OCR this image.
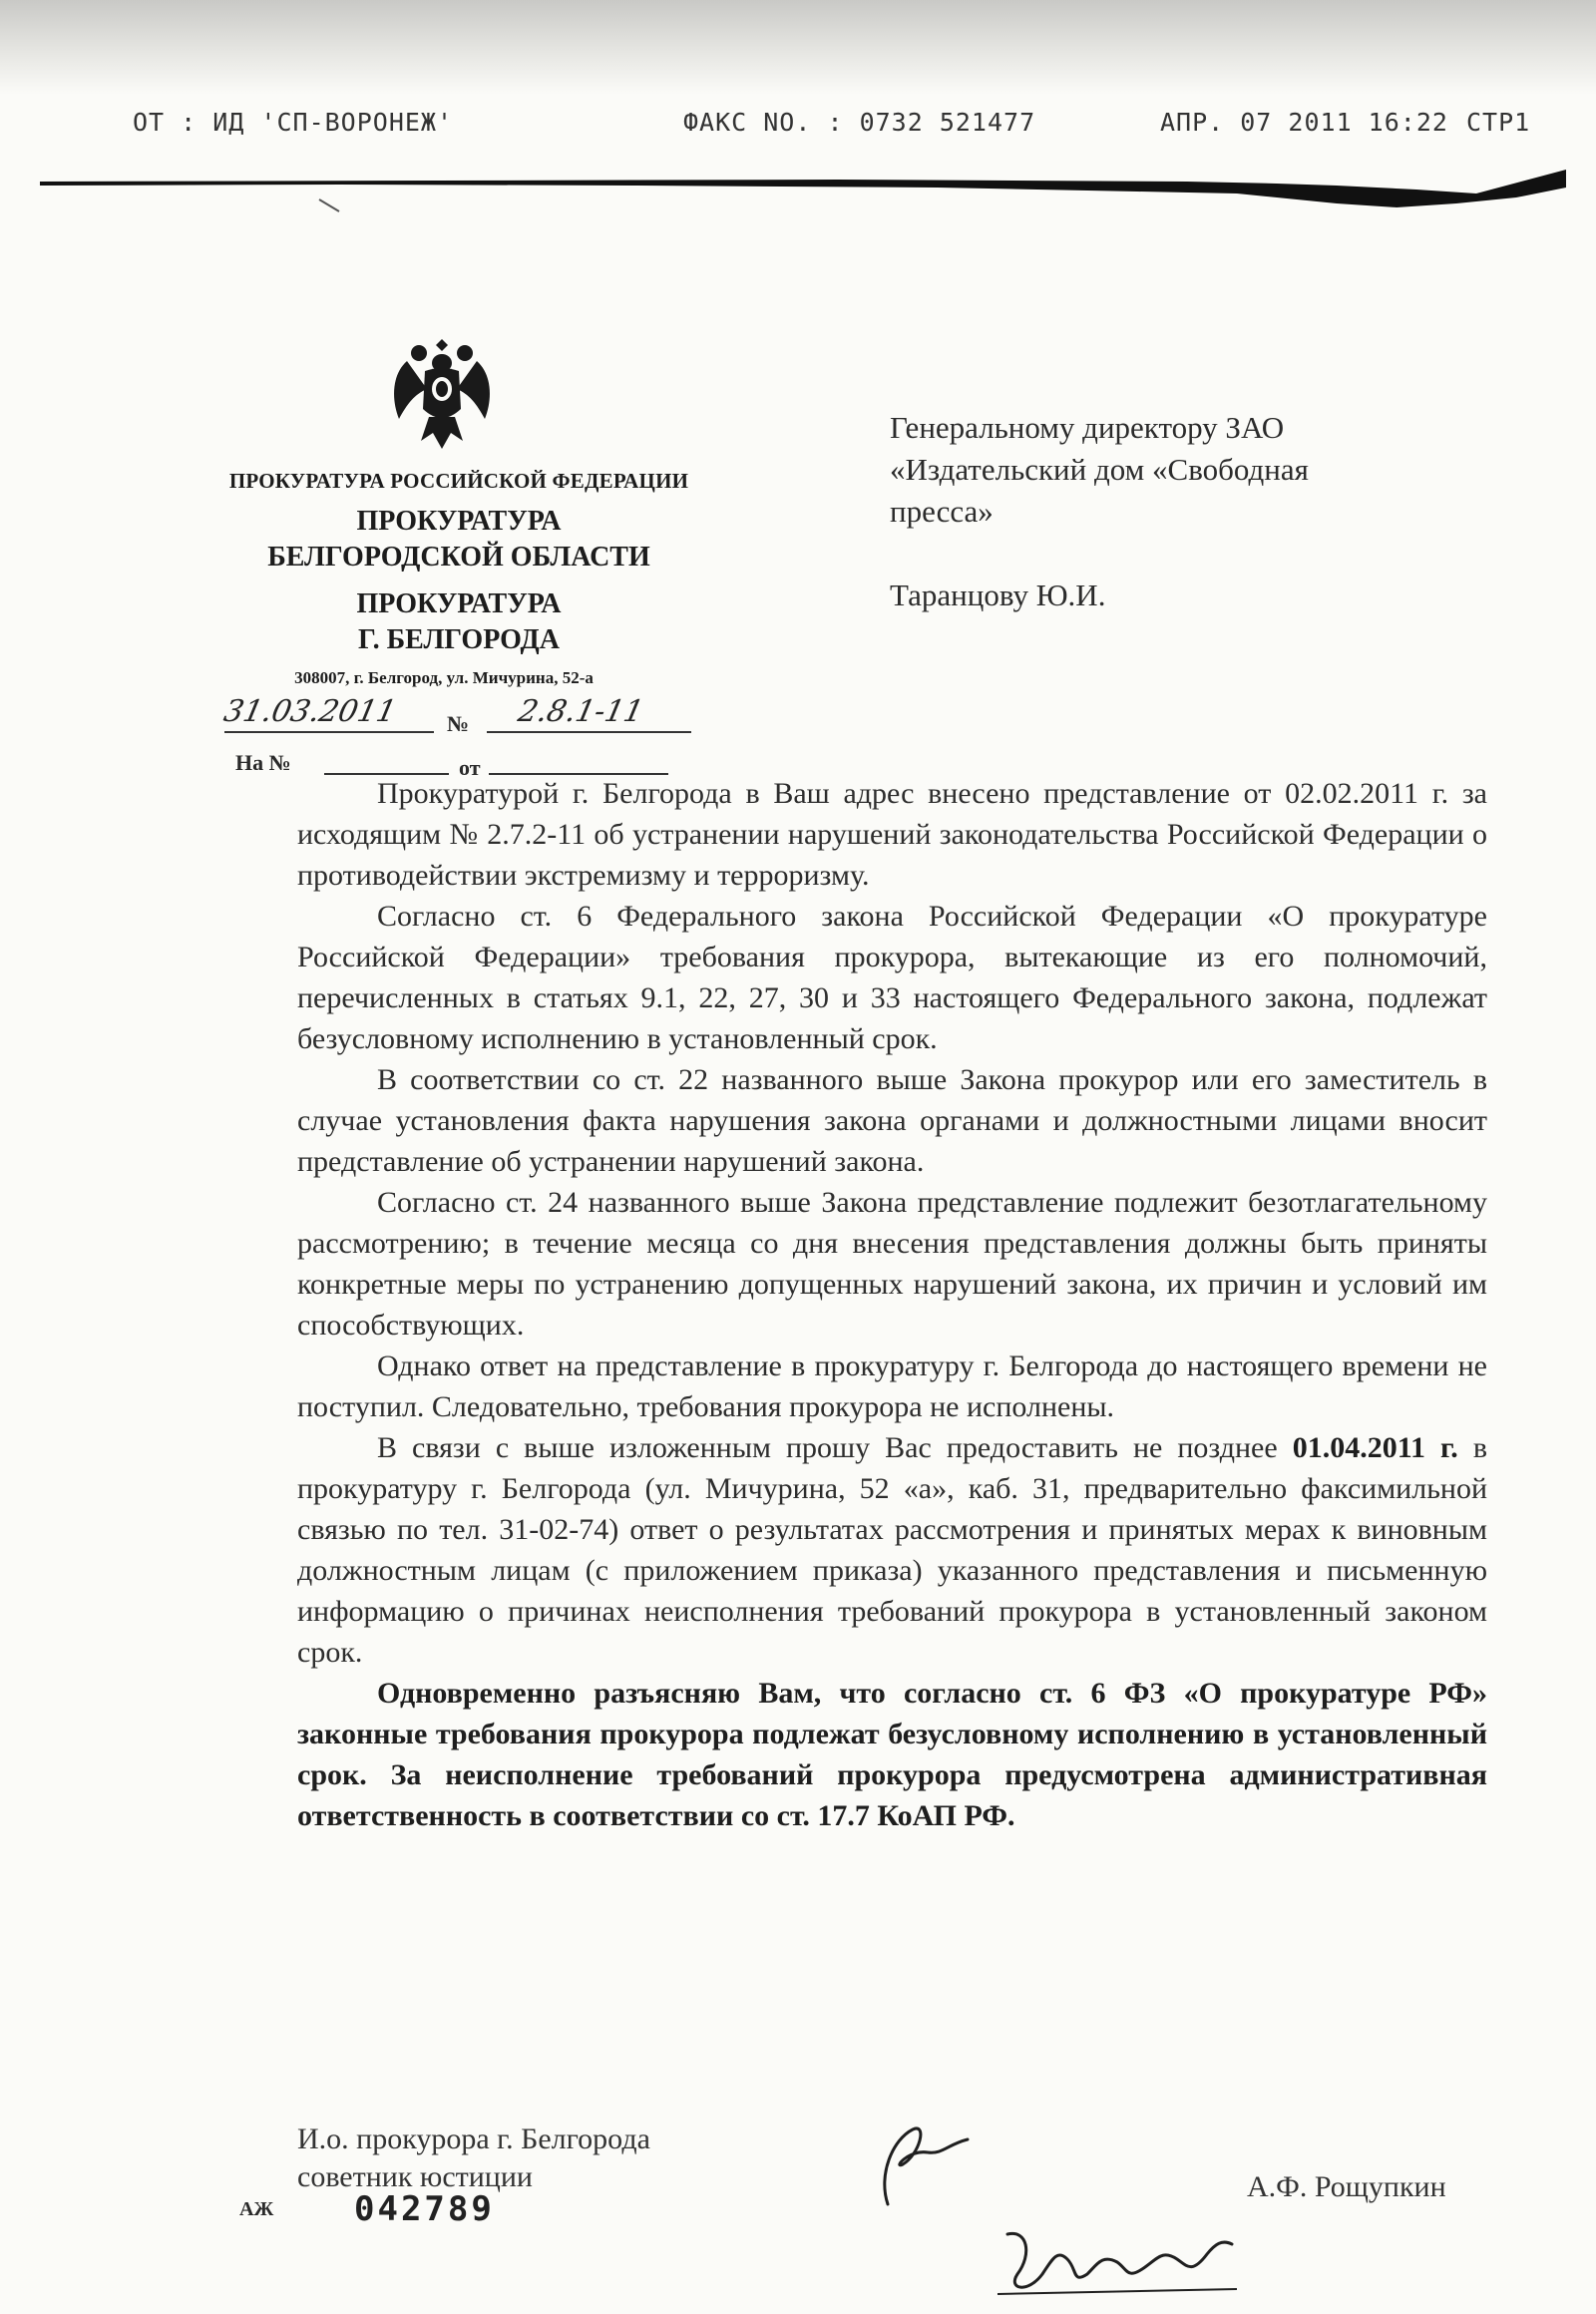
ОТ : ИД 'СП-ВОРОНЕЖ'	ФАКС NO. : 0732 521477	АПР. 07 2011 16:22 СТР1
ПРОКУРАТУРА РОССИЙСКОЙ ФЕДЕРАЦИИ
ПРОКУРАТУРА
БЕЛГОРОДСКОЙ ОБЛАСТИ
ПРОКУРАТУРА
Г. БЕЛГОРОДА
308007, г. Белгород, ул. Мичурина, 52-а
31.03.2011 № 2.8.1-11
На №	от

Генеральному директору ЗАО

«Издательский дом «Свободная

пресса»

Таранцову Ю.И.

Прокуратурой г. Белгорода в Ваш адрес внесено представление от 02.02.2011 г. за исходящим № 2.7.2-11 об устранении нарушений законодательства Российской Федерации о противодействии экстремизму и терроризму.

Согласно ст. 6 Федерального закона Российской Федерации «О прокуратуре Российской Федерации» требования прокурора, вытекающие из его полномочий, перечисленных в статьях 9.1, 22, 27, 30 и 33 настоящего Федерального закона, подлежат безусловному исполнению в установленный срок.

В соответствии со ст. 22 названного выше Закона прокурор или его заместитель в случае установления факта нарушения закона органами и должностными лицами вносит представление об устранении нарушений закона.

Согласно ст. 24 названного выше Закона представление подлежит безотлагательному рассмотрению; в течение месяца со дня внесения представления должны быть приняты конкретные меры по устранению допущенных нарушений закона, их причин и условий им способствующих.

Однако ответ на представление в прокуратуру г. Белгорода до настоящего времени не поступил. Следовательно, требования прокурора не исполнены.

В связи с выше изложенным прошу Вас предоставить не позднее 01.04.2011 г. в прокуратуру г. Белгорода (ул. Мичурина, 52 «а», каб. 31, предварительно факсимильной связью по тел. 31-02-74) ответ о результатах рассмотрения и принятых мерах к виновным должностным лицам (с приложением приказа) указанного представления и письменную информацию о причинах неисполнения требований прокурора в установленный законом срок.

Одновременно разъясняю Вам, что согласно ст. 6 ФЗ «О прокуратуре РФ» законные требования прокурора подлежат безусловному исполнению в установленный срок. За неисполнение требований прокурора предусмотрена административная ответственность в соответствии со ст. 17.7 КоАП РФ.

И.о. прокурора г. Белгорода
советник юстиции	А.Ф. Рощупкин
АЖ 042789
